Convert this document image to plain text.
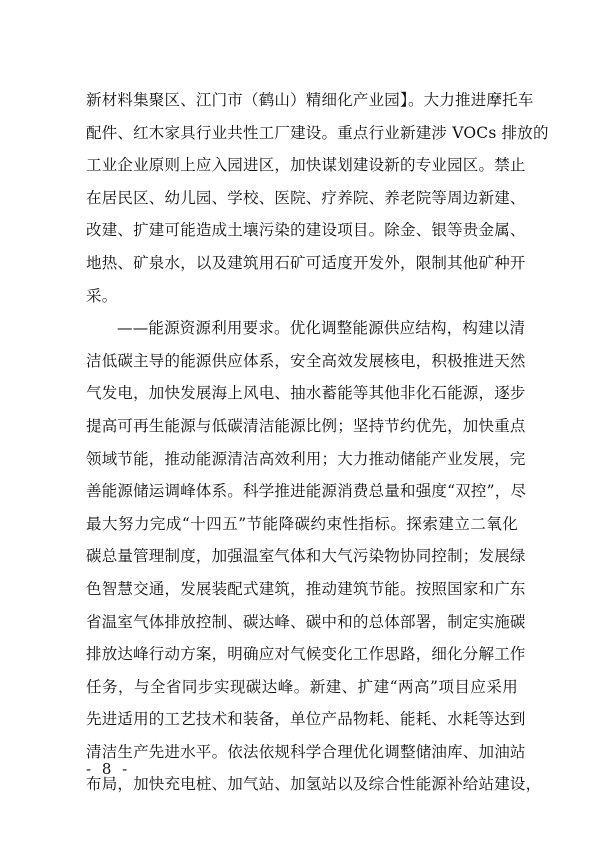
新材料集聚区、江门市（鹤山）精细化产业园】。大力推进摩托车
配件、红木家具行业共性工厂建设。重点行业新建涉 VOCs 排放的
工业企业原则上应入园进区，加快谋划建设新的专业园区。禁止
在居民区、幼儿园、学校、医院、疗养院、养老院等周边新建、
改建、扩建可能造成土壤污染的建设项目。除金、银等贵金属、
地热、矿泉水，以及建筑用石矿可适度开发外，限制其他矿种开
采。
——能源资源利用要求。优化调整能源供应结构，构建以清
洁低碳主导的能源供应体系，安全高效发展核电，积极推进天然
气发电，加快发展海上风电、抽水蓄能等其他非化石能源，逐步
提高可再生能源与低碳清洁能源比例；坚持节约优先，加快重点
领域节能，推动能源清洁高效利用；大力推动储能产业发展，完
善能源储运调峰体系。科学推进能源消费总量和强度“双控”，尽
最大努力完成“十四五”节能降碳约束性指标。探索建立二氧化
碳总量管理制度，加强温室气体和大气污染物协同控制；发展绿
色智慧交通，发展装配式建筑，推动建筑节能。按照国家和广东
省温室气体排放控制、碳达峰、碳中和的总体部署，制定实施碳
排放达峰行动方案，明确应对气候变化工作思路，细化分解工作
任务，与全省同步实现碳达峰。新建、扩建“两高”项目应采用
先进适用的工艺技术和装备，单位产品物耗、能耗、水耗等达到
清洁生产先进水平。依法依规科学合理优化调整储油库、加油站
布局，加快充电桩、加气站、加氢站以及综合性能源补给站建设，
- 8 -
